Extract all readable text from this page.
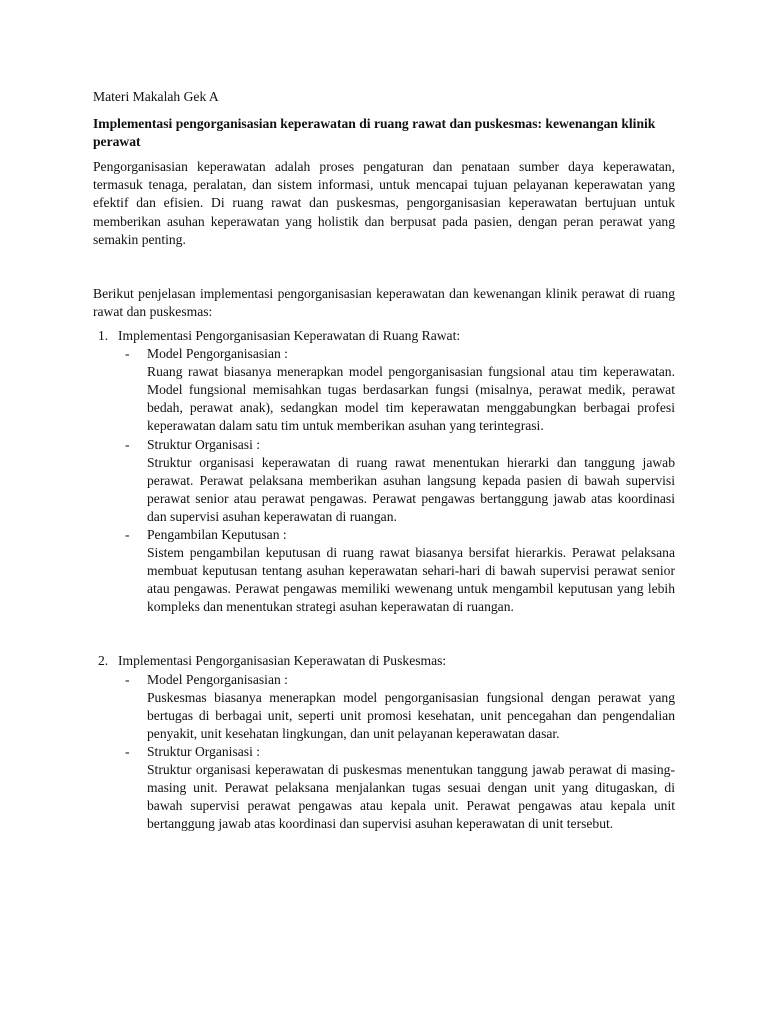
Materi Makalah Gek A

Implementasi pengorganisasian keperawatan di ruang rawat dan puskesmas: kewenangan klinik perawat

Pengorganisasian keperawatan adalah proses pengaturan dan penataan sumber daya keperawatan, termasuk tenaga, peralatan, dan sistem informasi, untuk mencapai tujuan pelayanan keperawatan yang efektif dan efisien. Di ruang rawat dan puskesmas, pengorganisasian keperawatan bertujuan untuk memberikan asuhan keperawatan yang holistik dan berpusat pada pasien, dengan peran perawat yang semakin penting.

Berikut penjelasan implementasi pengorganisasian keperawatan dan kewenangan klinik perawat di ruang rawat dan puskesmas:

1. Implementasi Pengorganisasian Keperawatan di Ruang Rawat:
- Model Pengorganisasian :

Ruang rawat biasanya menerapkan model pengorganisasian fungsional atau tim keperawatan. Model fungsional memisahkan tugas berdasarkan fungsi (misalnya, perawat medik, perawat bedah, perawat anak), sedangkan model tim keperawatan menggabungkan berbagai profesi keperawatan dalam satu tim untuk memberikan asuhan yang terintegrasi.

- Struktur Organisasi :

Struktur organisasi keperawatan di ruang rawat menentukan hierarki dan tanggung jawab perawat. Perawat pelaksana memberikan asuhan langsung kepada pasien di bawah supervisi perawat senior atau perawat pengawas. Perawat pengawas bertanggung jawab atas koordinasi dan supervisi asuhan keperawatan di ruangan.

- Pengambilan Keputusan :

Sistem pengambilan keputusan di ruang rawat biasanya bersifat hierarkis. Perawat pelaksana membuat keputusan tentang asuhan keperawatan sehari-hari di bawah supervisi perawat senior atau pengawas. Perawat pengawas memiliki wewenang untuk mengambil keputusan yang lebih kompleks dan menentukan strategi asuhan keperawatan di ruangan.

2. Implementasi Pengorganisasian Keperawatan di Puskesmas:
- Model Pengorganisasian :

Puskesmas biasanya menerapkan model pengorganisasian fungsional dengan perawat yang bertugas di berbagai unit, seperti unit promosi kesehatan, unit pencegahan dan pengendalian penyakit, unit kesehatan lingkungan, dan unit pelayanan keperawatan dasar.

- Struktur Organisasi :

Struktur organisasi keperawatan di puskesmas menentukan tanggung jawab perawat di masing-masing unit. Perawat pelaksana menjalankan tugas sesuai dengan unit yang ditugaskan, di bawah supervisi perawat pengawas atau kepala unit. Perawat pengawas atau kepala unit bertanggung jawab atas koordinasi dan supervisi asuhan keperawatan di unit tersebut.
